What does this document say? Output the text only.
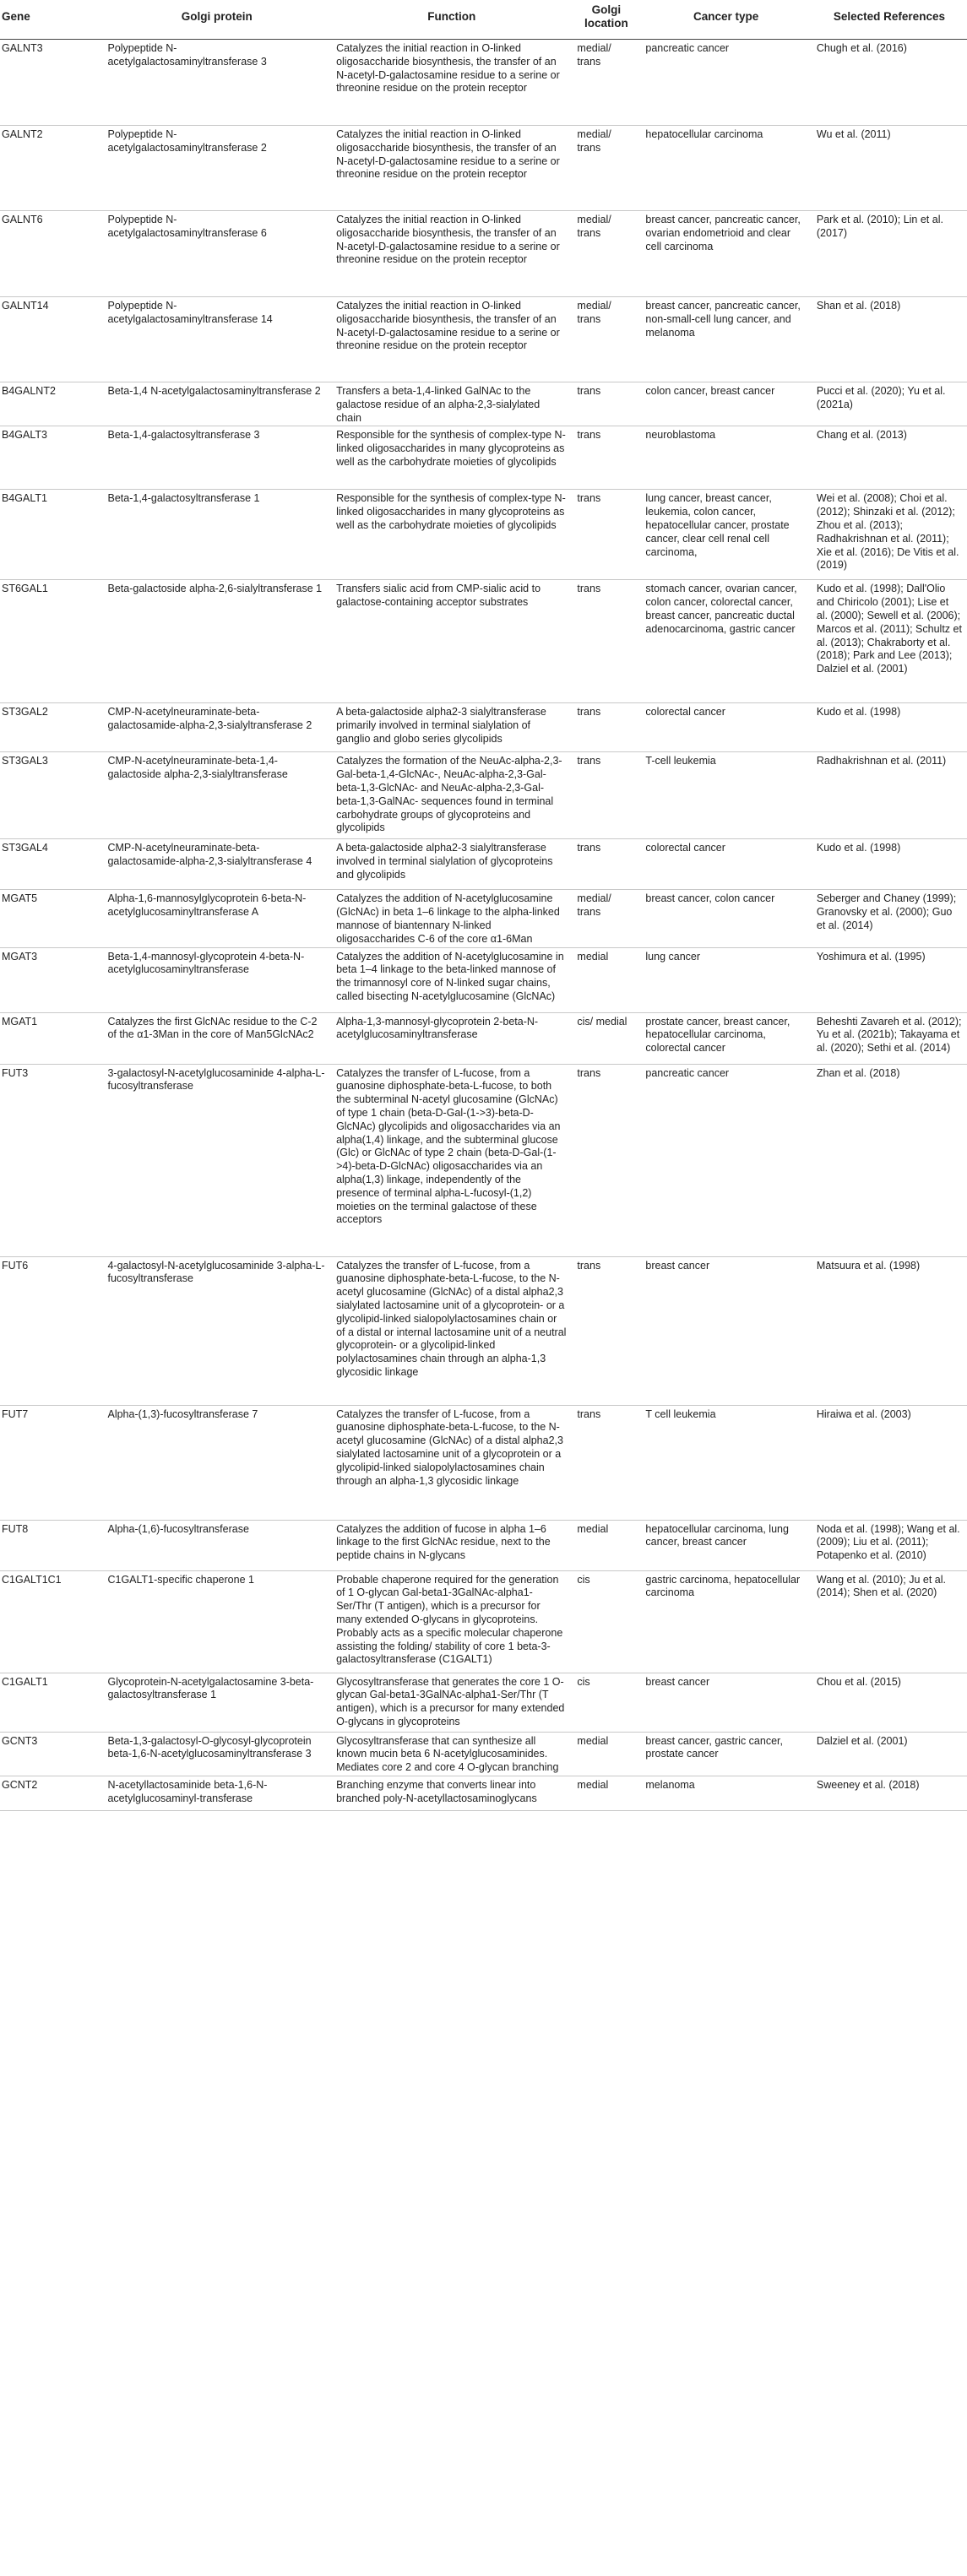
Gene	Golgi protein	Function	Golgi location	Cancer type	Selected References
GALNT3	Polypeptide N-acetylgalactosaminyltransferase 3	Catalyzes the initial reaction in O-linked oligosaccharide biosynthesis, the transfer of an N-acetyl-D-galactosamine residue to a serine or threonine residue on the protein receptor	medial/ trans	pancreatic cancer	Chugh et al. (2016)
GALNT2	Polypeptide N-acetylgalactosaminyltransferase 2	Catalyzes the initial reaction in O-linked oligosaccharide biosynthesis, the transfer of an N-acetyl-D-galactosamine residue to a serine or threonine residue on the protein receptor	medial/ trans	hepatocellular carcinoma	Wu et al. (2011)
GALNT6	Polypeptide N-acetylgalactosaminyltransferase 6	Catalyzes the initial reaction in O-linked oligosaccharide biosynthesis, the transfer of an N-acetyl-D-galactosamine residue to a serine or threonine residue on the protein receptor	medial/ trans	breast cancer, pancreatic cancer, ovarian endometrioid and clear cell carcinoma	Park et al. (2010); Lin et al. (2017)
GALNT14	Polypeptide N-acetylgalactosaminyltransferase 14	Catalyzes the initial reaction in O-linked oligosaccharide biosynthesis, the transfer of an N-acetyl-D-galactosamine residue to a serine or threonine residue on the protein receptor	medial/ trans	breast cancer, pancreatic cancer, non-small-cell lung cancer, and melanoma	Shan et al. (2018)
B4GALNT2	Beta-1,4 N-acetylgalactosaminyltransferase 2	Transfers a beta-1,4-linked GalNAc to the galactose residue of an alpha-2,3-sialylated chain	trans	colon cancer, breast cancer	Pucci et al. (2020); Yu et al. (2021a)
B4GALT3	Beta-1,4-galactosyltransferase 3	Responsible for the synthesis of complex-type N-linked oligosaccharides in many glycoproteins as well as the carbohydrate moieties of glycolipids	trans	neuroblastoma	Chang et al. (2013)
B4GALT1	Beta-1,4-galactosyltransferase 1	Responsible for the synthesis of complex-type N-linked oligosaccharides in many glycoproteins as well as the carbohydrate moieties of glycolipids	trans	lung cancer, breast cancer, leukemia, colon cancer, hepatocellular cancer, prostate cancer, clear cell renal cell carcinoma,	Wei et al. (2008); Choi et al. (2012); Shinzaki et al. (2012); Zhou et al. (2013); Radhakrishnan et al. (2011); Xie et al. (2016); De Vitis et al. (2019)
ST6GAL1	Beta-galactoside alpha-2,6-sialyltransferase 1	Transfers sialic acid from CMP-sialic acid to galactose-containing acceptor substrates	trans	stomach cancer, ovarian cancer, colon cancer, colorectal cancer, breast cancer, pancreatic ductal adenocarcinoma, gastric cancer	Kudo et al. (1998); Dall'Olio and Chiricolo (2001); Lise et al. (2000); Sewell et al. (2006); Marcos et al. (2011); Schultz et al. (2013); Chakraborty et al. (2018); Park and Lee (2013); Dalziel et al. (2001)
ST3GAL2	CMP-N-acetylneuraminate-beta-galactosamide-alpha-2,3-sialyltransferase 2	A beta-galactoside alpha2-3 sialyltransferase primarily involved in terminal sialylation of ganglio and globo series glycolipids	trans	colorectal cancer	Kudo et al. (1998)
ST3GAL3	CMP-N-acetylneuraminate-beta-1,4-galactoside alpha-2,3-sialyltransferase	Catalyzes the formation of the NeuAc-alpha-2,3-Gal-beta-1,4-GlcNAc-, NeuAc-alpha-2,3-Gal-beta-1,3-GlcNAc- and NeuAc-alpha-2,3-Gal-beta-1,3-GalNAc- sequences found in terminal carbohydrate groups of glycoproteins and glycolipids	trans	T-cell leukemia	Radhakrishnan et al. (2011)
ST3GAL4	CMP-N-acetylneuraminate-beta-galactosamide-alpha-2,3-sialyltransferase 4	A beta-galactoside alpha2-3 sialyltransferase involved in terminal sialylation of glycoproteins and glycolipids	trans	colorectal cancer	Kudo et al. (1998)
MGAT5	Alpha-1,6-mannosylglycoprotein 6-beta-N-acetylglucosaminyltransferase A	Catalyzes the addition of N-acetylglucosamine (GlcNAc) in beta 1–6 linkage to the alpha-linked mannose of biantennary N-linked oligosaccharides C-6 of the core α1-6Man	medial/ trans	breast cancer, colon cancer	Seberger and Chaney (1999); Granovsky et al. (2000); Guo et al. (2014)
MGAT3	Beta-1,4-mannosyl-glycoprotein 4-beta-N-acetylglucosaminyltransferase	Catalyzes the addition of N-acetylglucosamine in beta 1–4 linkage to the beta-linked mannose of the trimannosyl core of N-linked sugar chains, called bisecting N-acetylglucosamine (GlcNAc)	medial	lung cancer	Yoshimura et al. (1995)
MGAT1	Catalyzes the first GlcNAc residue to the C-2 of the α1-3Man in the core of Man5GlcNAc2	Alpha-1,3-mannosyl-glycoprotein 2-beta-N-acetylglucosaminyltransferase	cis/ medial	prostate cancer, breast cancer, hepatocellular carcinoma, colorectal cancer	Beheshti Zavareh et al. (2012); Yu et al. (2021b); Takayama et al. (2020); Sethi et al. (2014)
FUT3	3-galactosyl-N-acetylglucosaminide 4-alpha-L-fucosyltransferase	Catalyzes the transfer of L-fucose, from a guanosine diphosphate-beta-L-fucose, to both the subterminal N-acetyl glucosamine (GlcNAc) of type 1 chain (beta-D-Gal-(1->3)-beta-D-GlcNAc) glycolipids and oligosaccharides via an alpha(1,4) linkage, and the subterminal glucose (Glc) or GlcNAc of type 2 chain (beta-D-Gal-(1->4)-beta-D-GlcNAc) oligosaccharides via an alpha(1,3) linkage, independently of the presence of terminal alpha-L-fucosyl-(1,2) moieties on the terminal galactose of these acceptors	trans	pancreatic cancer	Zhan et al. (2018)
FUT6	4-galactosyl-N-acetylglucosaminide 3-alpha-L-fucosyltransferase	Catalyzes the transfer of L-fucose, from a guanosine diphosphate-beta-L-fucose, to the N-acetyl glucosamine (GlcNAc) of a distal alpha2,3 sialylated lactosamine unit of a glycoprotein- or a glycolipid-linked sialopolylactosamines chain or of a distal or internal lactosamine unit of a neutral glycoprotein- or a glycolipid-linked polylactosamines chain through an alpha-1,3 glycosidic linkage	trans	breast cancer	Matsuura et al. (1998)
FUT7	Alpha-(1,3)-fucosyltransferase 7	Catalyzes the transfer of L-fucose, from a guanosine diphosphate-beta-L-fucose, to the N-acetyl glucosamine (GlcNAc) of a distal alpha2,3 sialylated lactosamine unit of a glycoprotein or a glycolipid-linked sialopolylactosamines chain through an alpha-1,3 glycosidic linkage	trans	T cell leukemia	Hiraiwa et al. (2003)
FUT8	Alpha-(1,6)-fucosyltransferase	Catalyzes the addition of fucose in alpha 1–6 linkage to the first GlcNAc residue, next to the peptide chains in N-glycans	medial	hepatocellular carcinoma, lung cancer, breast cancer	Noda et al. (1998); Wang et al. (2009); Liu et al. (2011); Potapenko et al. (2010)
C1GALT1C1	C1GALT1-specific chaperone 1	Probable chaperone required for the generation of 1 O-glycan Gal-beta1-3GalNAc-alpha1-Ser/Thr (T antigen), which is a precursor for many extended O-glycans in glycoproteins. Probably acts as a specific molecular chaperone assisting the folding/ stability of core 1 beta-3-galactosyltransferase (C1GALT1)	cis	gastric carcinoma, hepatocellular carcinoma	Wang et al. (2010); Ju et al. (2014); Shen et al. (2020)
C1GALT1	Glycoprotein-N-acetylgalactosamine 3-beta-galactosyltransferase 1	Glycosyltransferase that generates the core 1 O-glycan Gal-beta1-3GalNAc-alpha1-Ser/Thr (T antigen), which is a precursor for many extended O-glycans in glycoproteins	cis	breast cancer	Chou et al. (2015)
GCNT3	Beta-1,3-galactosyl-O-glycosyl-glycoprotein beta-1,6-N-acetylglucosaminyltransferase 3	Glycosyltransferase that can synthesize all known mucin beta 6 N-acetylglucosaminides. Mediates core 2 and core 4 O-glycan branching	medial	breast cancer, gastric cancer, prostate cancer	Dalziel et al. (2001)
GCNT2	N-acetyllactosaminide beta-1,6-N-acetylglucosaminyl-transferase	Branching enzyme that converts linear into branched poly-N-acetyllactosaminoglycans	medial	melanoma	Sweeney et al. (2018)
